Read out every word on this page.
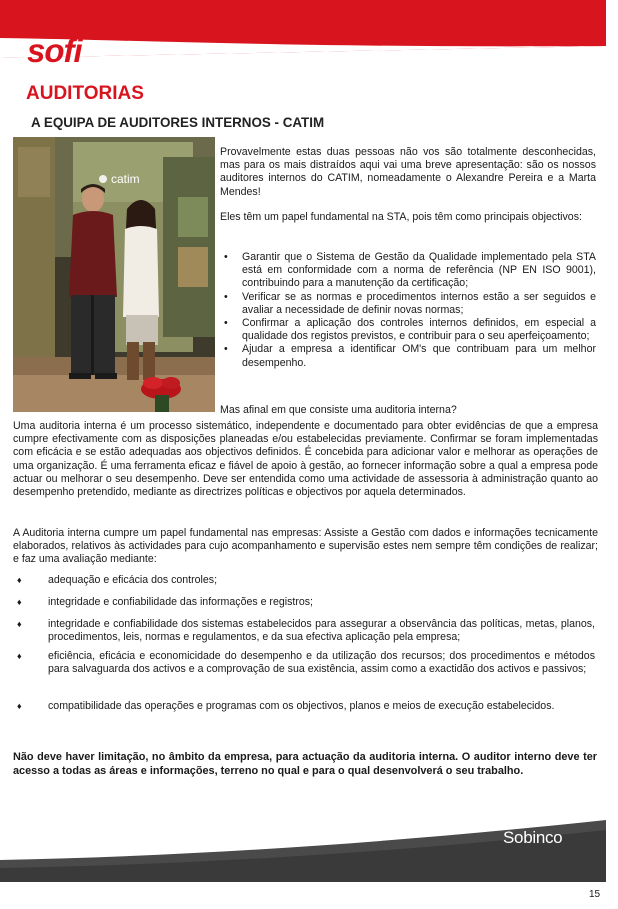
sofi ®
AUDITORIAS
A EQUIPA DE AUDITORES INTERNOS - CATIM
catim

Provavelmente estas duas pessoas não vos são totalmente desconhecidas, mas para os mais distraídos aqui vai uma breve apresentação: são os nossos auditores internos do CATIM, nomeadamente o Alexandre Pereira e a Marta Mendes!

Eles têm um papel fundamental na STA, pois têm como principais objectivos:

•	Garantir que o Sistema de Gestão da Qualidade implementado pela STA está em conformidade com a norma de referência (NP EN ISO 9001), contribuindo para a manutenção da certificação;
•	Verificar se as normas e procedimentos internos estão a ser seguidos e avaliar a necessidade de definir novas normas;
•	Confirmar a aplicação dos controles internos definidos, em especial a qualidade dos registos previstos, e contribuir para o seu aperfeiçoamento;
•	Ajudar a empresa a identificar OM's que contribuam para um melhor desempenho.

Mas afinal em que consiste uma auditoria interna?

Uma auditoria interna é um processo sistemático, independente e documentado para obter evidências de que a empresa cumpre efectivamente com as disposições planeadas e/ou estabelecidas previamente. Confirmar se foram implementadas com eficácia e se estão adequadas aos objectivos definidos. É concebida para adicionar valor e melhorar as operações de uma organização. É uma ferramenta eficaz e fiável de apoio à gestão, ao fornecer informação sobre a qual a empresa pode actuar ou melhorar o seu desempenho. Deve ser entendida como uma actividade de assessoria à administração quanto ao desempenho pretendido, mediante as directrizes políticas e objectivos por aquela determinados.

A Auditoria interna cumpre um papel fundamental nas empresas: Assiste a Gestão com dados e informações tecnicamente elaborados, relativos às actividades para cujo acompanhamento e supervisão estes nem sempre têm condições de realizar; e faz uma avaliação mediante:

♦	adequação e eficácia dos controles;
♦	integridade e confiabilidade das informações e registros;
♦	integridade e confiabilidade dos sistemas estabelecidos para assegurar a observância das políticas, metas, planos, procedimentos, leis, normas e regulamentos, e da sua efectiva aplicação pela empresa;
♦	eficiência, eficácia e economicidade do desempenho e da utilização dos recursos; dos procedimentos e métodos para salvaguarda dos activos e a comprovação de sua existência, assim como a exactidão dos activos e passivos;
♦	compatibilidade das operações e programas com os objectivos, planos e meios de execução estabelecidos.
Não deve haver limitação, no âmbito da empresa, para actuação da auditoria interna. O auditor interno deve ter acesso a todas as áreas e informações, terreno no qual e para o qual desenvolverá o seu trabalho.
Sobinco
15
